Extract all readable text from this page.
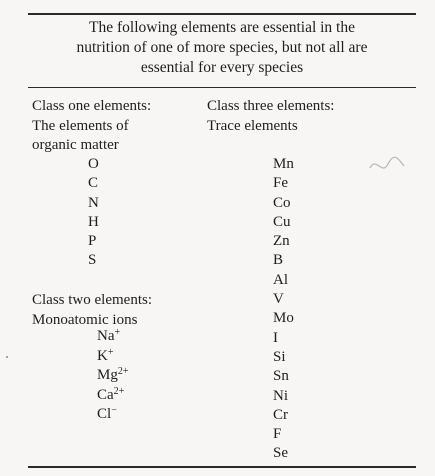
The following elements are essential in the

nutrition of one of more species, but not all are

essential for every species

Class one elements:
The elements of
organic matter
O
C
N
H
P
S
Class three elements:
Trace elements
Mn
Fe
Co
Cu
Zn
B
Al
V
Mo
I
Si
Sn
Ni
Cr
F
Se
Class two elements:
Monoatomic ions
Na+
K+
$Mg^{2+}$
$Ca^{2+}$
Cl−
